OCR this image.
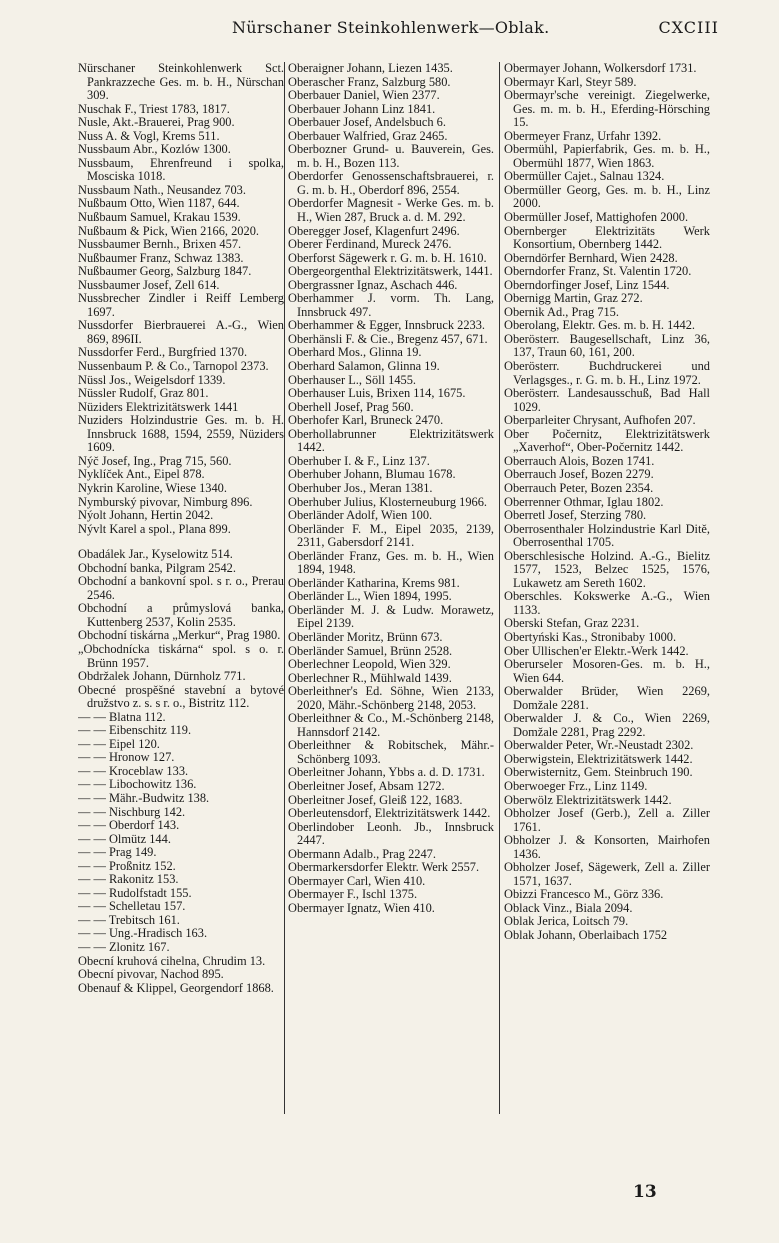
Nürschaner Steinkohlenwerk—Oblak.	CXCIII

Nürschaner Steinkohlenwerk Sct. Pankrazzeche Ges. m. b. H., Nürschan 309.

Nuschak F., Triest 1783, 1817.

Nusle, Akt.-Brauerei, Prag 900.

Nuss A. & Vogl, Krems 511.

Nussbaum Abr., Kozlów 1300.

Nussbaum, Ehrenfreund i spolka, Mosciska 1018.

Nussbaum Nath., Neusandez 703.

Nußbaum Otto, Wien 1187, 644.

Nußbaum Samuel, Krakau 1539.

Nußbaum & Pick, Wien 2166, 2020.

Nussbaumer Bernh., Brixen 457.

Nußbaumer Franz, Schwaz 1383.

Nußbaumer Georg, Salzburg 1847.

Nussbaumer Josef, Zell 614.

Nussbrecher Zindler i Reiff Lemberg 1697.

Nussdorfer Bierbrauerei A.-G., Wien 869, 896II.

Nussdorfer Ferd., Burgfried 1370.

Nussenbaum P. & Co., Tarnopol 2373.

Nüssl Jos., Weigelsdorf 1339.

Nüssler Rudolf, Graz 801.

Nüziders Elektrizitätswerk 1441

Nuziders Holzindustrie Ges. m. b. H. Innsbruck 1688, 1594, 2559, Nüziders 1609.

Nýč Josef, Ing., Prag 715, 560.

Nyklíček Ant., Eipel 878.

Nykrin Karoline, Wiese 1340.

Nymburský pivovar, Nimburg 896.

Nýolt Johann, Hertin 2042.

Nývlt Karel a spol., Plana 899.

Obadálek Jar., Kyselowitz 514.

Obchodní banka, Pilgram 2542.

Obchodní a bankovní spol. s r. o., Prerau 2546.

Obchodní a průmyslová banka, Kuttenberg 2537, Kolin 2535.

Obchodní tiskárna „Merkur“, Prag 1980.

„Obchodnícka tiskárna“ spol. s o. r. Brünn 1957.

Obdržalek Johann, Dürnholz 771.

Obecné prospěšné stavební a bytové družstvo z. s. s r. o., Bistritz 112.

— — Blatna 112.

— — Eibenschitz 119.

— — Eipel 120.

— — Hronow 127.

— — Kroceblaw 133.

— — Libochowitz 136.

— — Mähr.-Budwitz 138.

— — Nischburg 142.

— — Oberdorf 143.

— — Olmütz 144.

— — Prag 149.

— — Proßnitz 152.

— — Rakonitz 153.

— — Rudolfstadt 155.

— — Schelletau 157.

— — Trebitsch 161.

— — Ung.-Hradisch 163.

— — Zlonitz 167.

Obecní kruhová cihelna, Chrudim 13.

Obecní pivovar, Nachod 895.

Obenauf & Klippel, Georgendorf 1868.

Oberaigner Johann, Liezen 1435.

Oberascher Franz, Salzburg 580.

Oberbauer Daniel, Wien 2377.

Oberbauer Johann Linz 1841.

Oberbauer Josef, Andelsbuch 6.

Oberbauer Walfried, Graz 2465.

Oberbozner Grund- u. Bauverein, Ges. m. b. H., Bozen 113.

Oberdorfer Genossenschaftsbrauerei, r. G. m. b. H., Oberdorf 896, 2554.

Oberdorfer Magnesit - Werke Ges. m. b. H., Wien 287, Bruck a. d. M. 292.

Oberegger Josef, Klagenfurt 2496.

Oberer Ferdinand, Mureck 2476.

Oberforst Sägewerk r. G. m. b. H. 1610.

Obergeorgenthal Elektrizitätswerk, 1441.

Obergrassner Ignaz, Aschach 446.

Oberhammer J. vorm. Th. Lang, Innsbruck 497.

Oberhammer & Egger, Innsbruck 2233.

Oberhänsli F. & Cie., Bregenz 457, 671.

Oberhard Mos., Glinna 19.

Oberhard Salamon, Glinna 19.

Oberhauser L., Söll 1455.

Oberhauser Luis, Brixen 114, 1675.

Oberhell Josef, Prag 560.

Oberhofer Karl, Bruneck 2470.

Oberhollabrunner Elektrizitätswerk 1442.

Oberhuber I. & F., Linz 137.

Oberhuber Johann, Blumau 1678.

Oberhuber Jos., Meran 1381.

Oberhuber Julius, Klosterneuburg 1966.

Oberländer Adolf, Wien 100.

Oberländer F. M., Eipel 2035, 2139, 2311, Gabersdorf 2141.

Oberländer Franz, Ges. m. b. H., Wien 1894, 1948.

Oberländer Katharina, Krems 981.

Oberländer L., Wien 1894, 1995.

Oberländer M. J. & Ludw. Morawetz, Eipel 2139.

Oberländer Moritz, Brünn 673.

Oberländer Samuel, Brünn 2528.

Oberlechner Leopold, Wien 329.

Oberlechner R., Mühlwald 1439.

Oberleithner's Ed. Söhne, Wien 2133, 2020, Mähr.-Schönberg 2148, 2053.

Oberleithner & Co., M.-Schönberg 2148, Hannsdorf 2142.

Oberleithner & Robitschek, Mähr.-Schönberg 1093.

Oberleitner Johann, Ybbs a. d. D. 1731.

Oberleitner Josef, Absam 1272.

Oberleitner Josef, Gleiß 122, 1683.

Oberleutensdorf, Elektrizitätswerk 1442.

Oberlindober Leonh. Jb., Innsbruck 2447.

Obermann Adalb., Prag 2247.

Obermarkersdorfer Elektr. Werk 2557.

Obermayer Carl, Wien 410.

Obermayer F., Ischl 1375.

Obermayer Ignatz, Wien 410.

Obermayer Johann, Wolkersdorf 1731.

Obermayr Karl, Steyr 589.

Obermayr'sche vereinigt. Ziegelwerke, Ges. m. m. b. H., Eferding-Hörsching 15.

Obermeyer Franz, Urfahr 1392.

Obermühl, Papierfabrik, Ges. m. b. H., Obermühl 1877, Wien 1863.

Obermüller Cajet., Salnau 1324.

Obermüller Georg, Ges. m. b. H., Linz 2000.

Obermüller Josef, Mattighofen 2000.

Obernberger Elektrizitäts Werk Konsortium, Obernberg 1442.

Oberndörfer Bernhard, Wien 2428.

Oberndorfer Franz, St. Valentin 1720.

Oberndorfinger Josef, Linz 1544.

Obernigg Martin, Graz 272.

Obernik Ad., Prag 715.

Oberolang, Elektr. Ges. m. b. H. 1442.

Oberösterr. Baugesellschaft, Linz 36, 137, Traun 60, 161, 200.

Oberösterr. Buchdruckerei und Verlagsges., r. G. m. b. H., Linz 1972.

Oberösterr. Landesausschuß, Bad Hall 1029.

Oberparleiter Chrysant, Aufhofen 207.

Ober Počernitz, Elektrizitätswerk „Xaverhof“, Ober-Počernitz 1442.

Oberrauch Alois, Bozen 1741.

Oberrauch Josef, Bozen 2279.

Oberrauch Peter, Bozen 2354.

Oberrenner Othmar, Iglau 1802.

Oberretl Josef, Sterzing 780.

Oberrosenthaler Holzindustrie Karl Ditě, Oberrosenthal 1705.

Oberschlesische Holzind. A.-G., Bielitz 1577, 1523, Belzec 1525, 1576, Lukawetz am Sereth 1602.

Oberschles. Kokswerke A.-G., Wien 1133.

Oberski Stefan, Graz 2231.

Obertyński Kas., Stronibaby 1000.

Ober Ullischen'er Elektr.-Werk 1442.

Oberurseler Mosoren-Ges. m. b. H., Wien 644.

Oberwalder Brüder, Wien 2269, Domžale 2281.

Oberwalder J. & Co., Wien 2269, Domžale 2281, Prag 2292.

Oberwalder Peter, Wr.-Neustadt 2302.

Oberwigstein, Elektrizitätswerk 1442.

Oberwisternitz, Gem. Steinbruch 190.

Oberwoeger Frz., Linz 1149.

Oberwölz Elektrizitätswerk 1442.

Obholzer Josef (Gerb.), Zell a. Ziller 1761.

Obholzer J. & Konsorten, Mairhofen 1436.

Obholzer Josef, Sägewerk, Zell a. Ziller 1571, 1637.

Obizzi Francesco M., Görz 336.

Oblack Vinz., Biala 2094.

Oblak Jerica, Loitsch 79.

Oblak Johann, Oberlaibach 1752

13
